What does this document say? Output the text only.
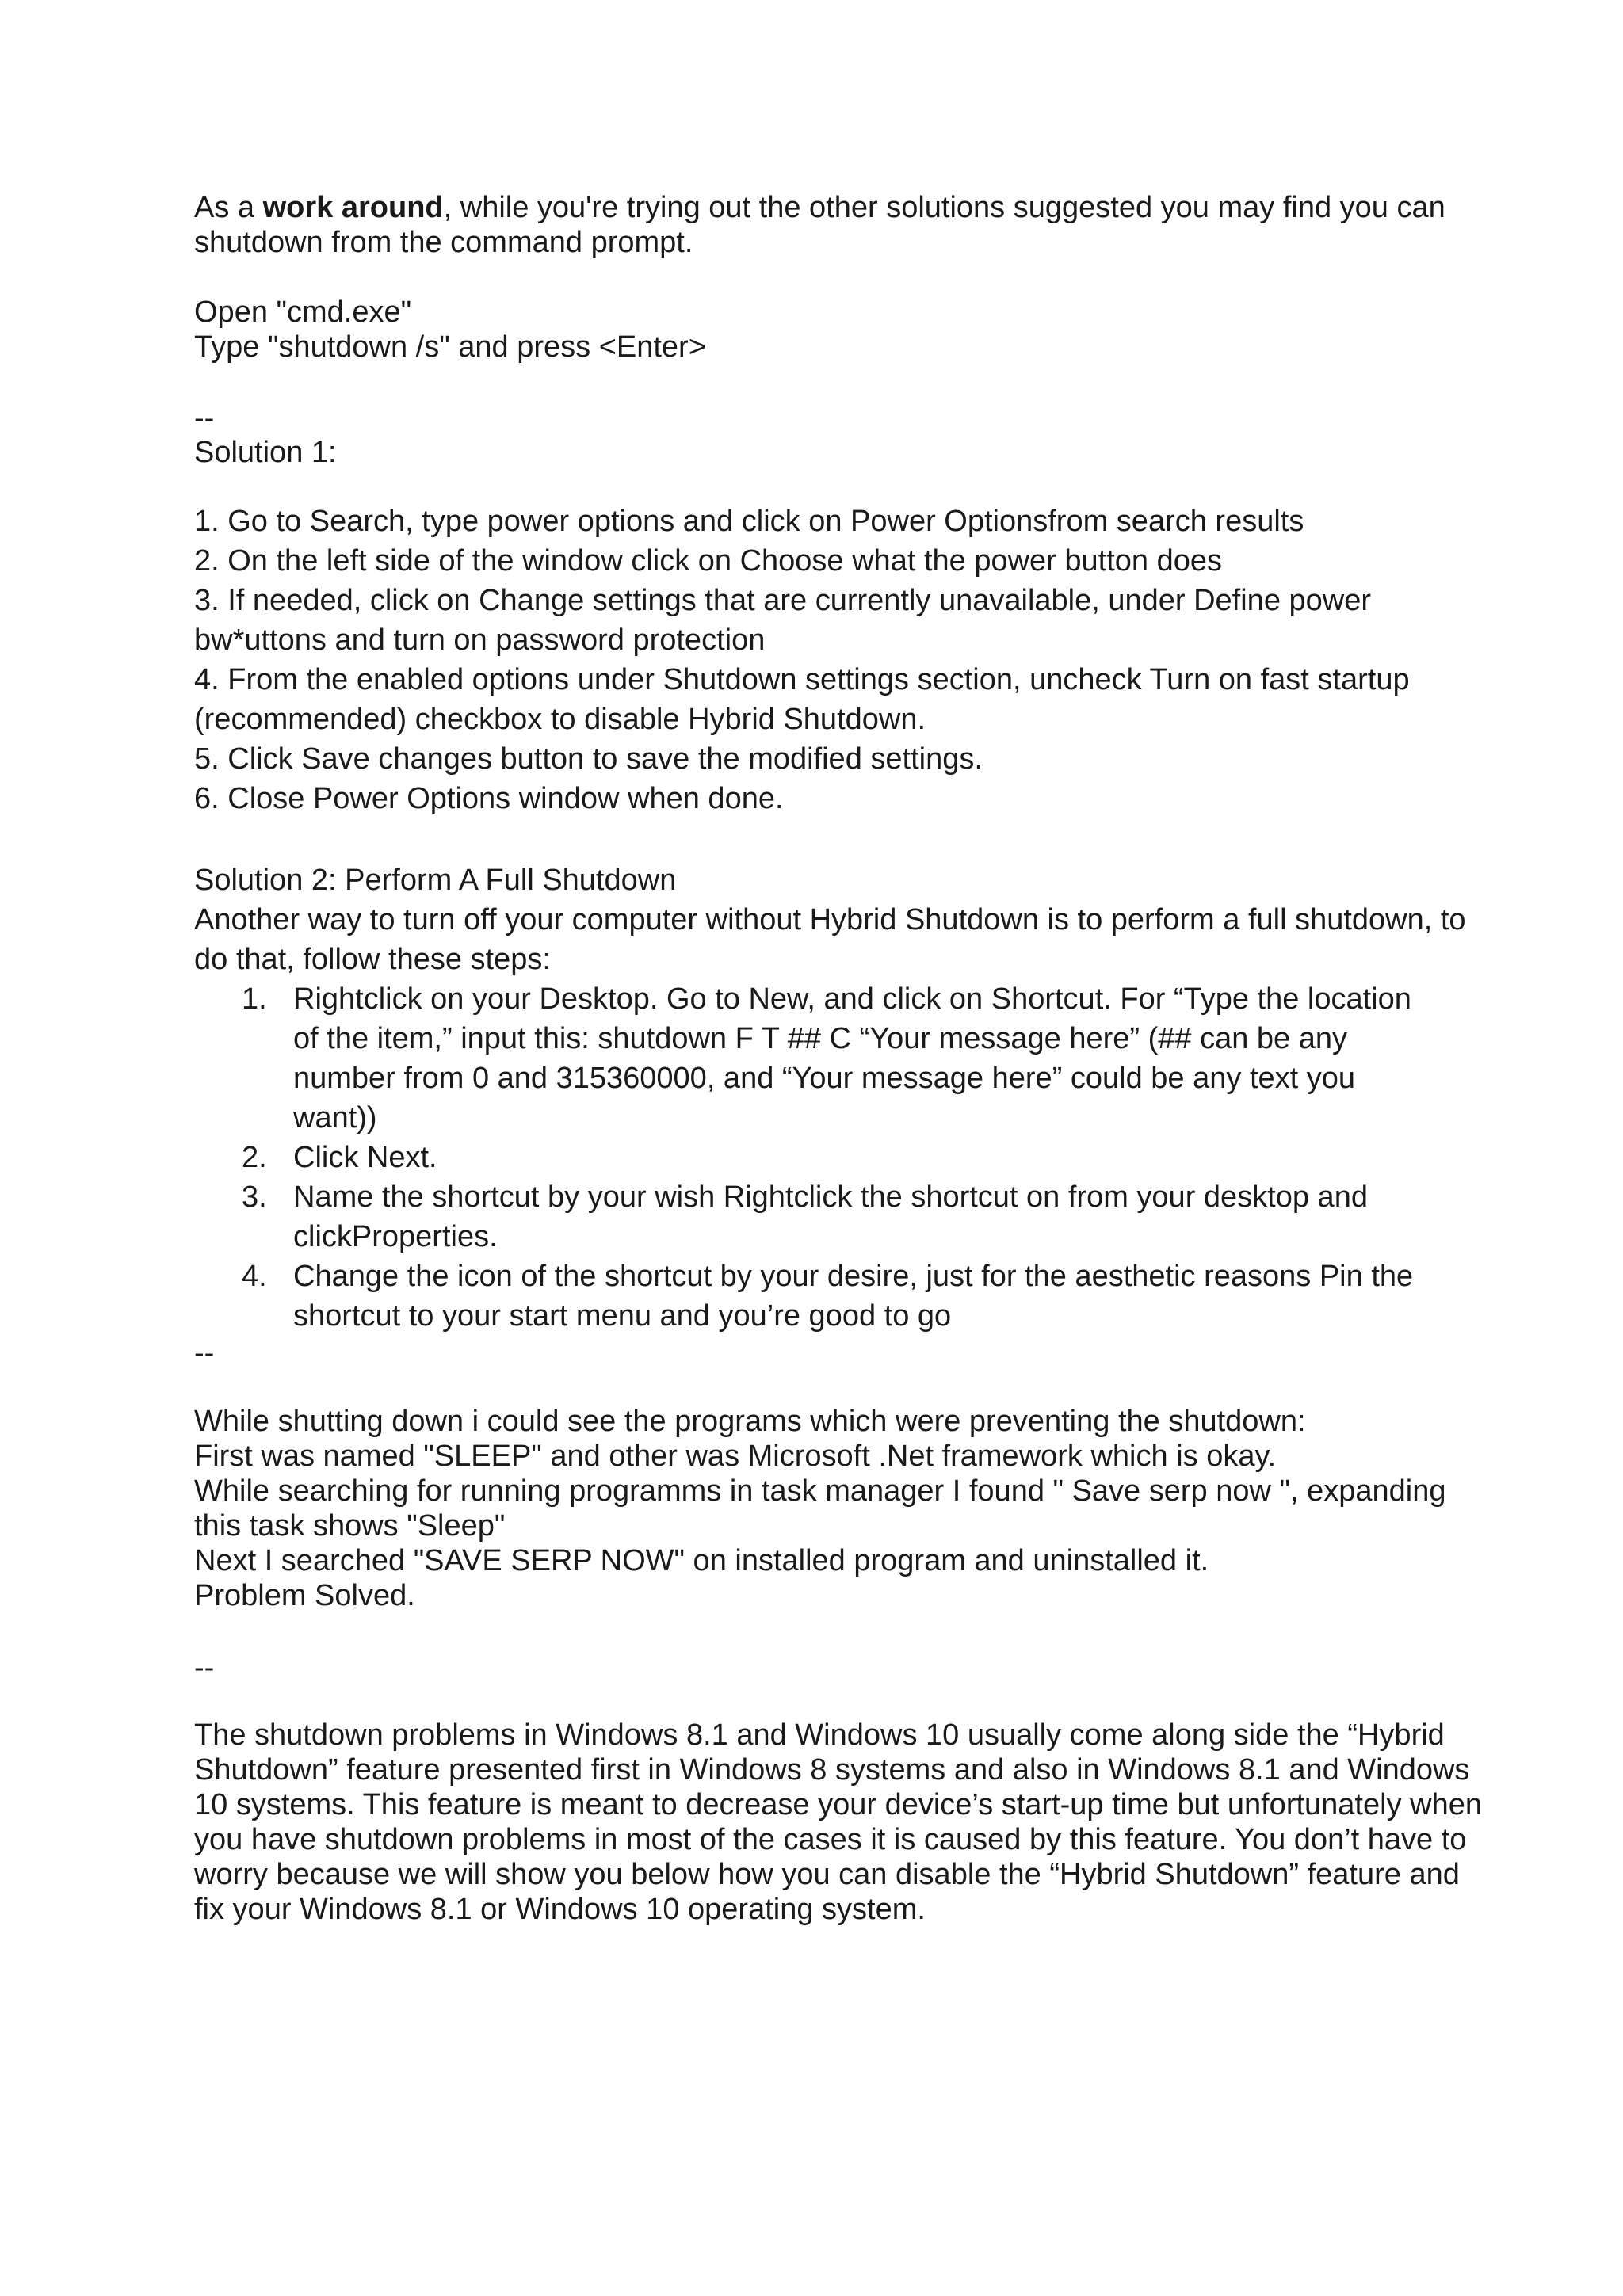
As a work around, while you're trying out the other solutions suggested you may find you can shutdown from the command prompt.

Open "cmd.exe"

Type "shutdown /s" and press <Enter>

--

Solution 1:

1. Go to Search, type power options and click on Power Optionsfrom search results

2. On the left side of the window click on Choose what the power button does

3. If needed, click on Change settings that are currently unavailable, under Define power bw*uttons and turn on password protection

4. From the enabled options under Shutdown settings section, uncheck Turn on fast startup (recommended) checkbox to disable Hybrid Shutdown.

5. Click Save changes button to save the modified settings.

6. Close Power Options window when done.

Solution 2: Perform A Full Shutdown

Another way to turn off your computer without Hybrid Shutdown is to perform a full shutdown, to do that, follow these steps:

1. Rightclick on your Desktop. Go to New, and click on Shortcut. For “Type the location of the item,” input this: shutdown F T ## C “Your message here” (## can be any number from 0 and 315360000, and “Your message here” could be any text you want))
2. Click Next.
3. Name the shortcut by your wish Rightclick the shortcut on from your desktop and clickProperties.
4. Change the icon of the shortcut by your desire, just for the aesthetic reasons Pin the shortcut to your start menu and you’re good to go

--

While shutting down i could see the programs which were preventing the shutdown:

First was named "SLEEP" and other was Microsoft .Net framework which is okay.

While searching for running programms in task manager I found " Save serp now ", expanding this task shows "Sleep"

Next I searched "SAVE SERP NOW" on installed program and uninstalled it.

Problem Solved.

--

The shutdown problems in Windows 8.1 and Windows 10 usually come along side the “Hybrid Shutdown” feature presented first in Windows 8 systems and also in Windows 8.1 and Windows 10 systems. This feature is meant to decrease your device’s start-up time but unfortunately when you have shutdown problems in most of the cases it is caused by this feature. You don’t have to worry because we will show you below how you can disable the “Hybrid Shutdown” feature and fix your Windows 8.1 or Windows 10 operating system.
